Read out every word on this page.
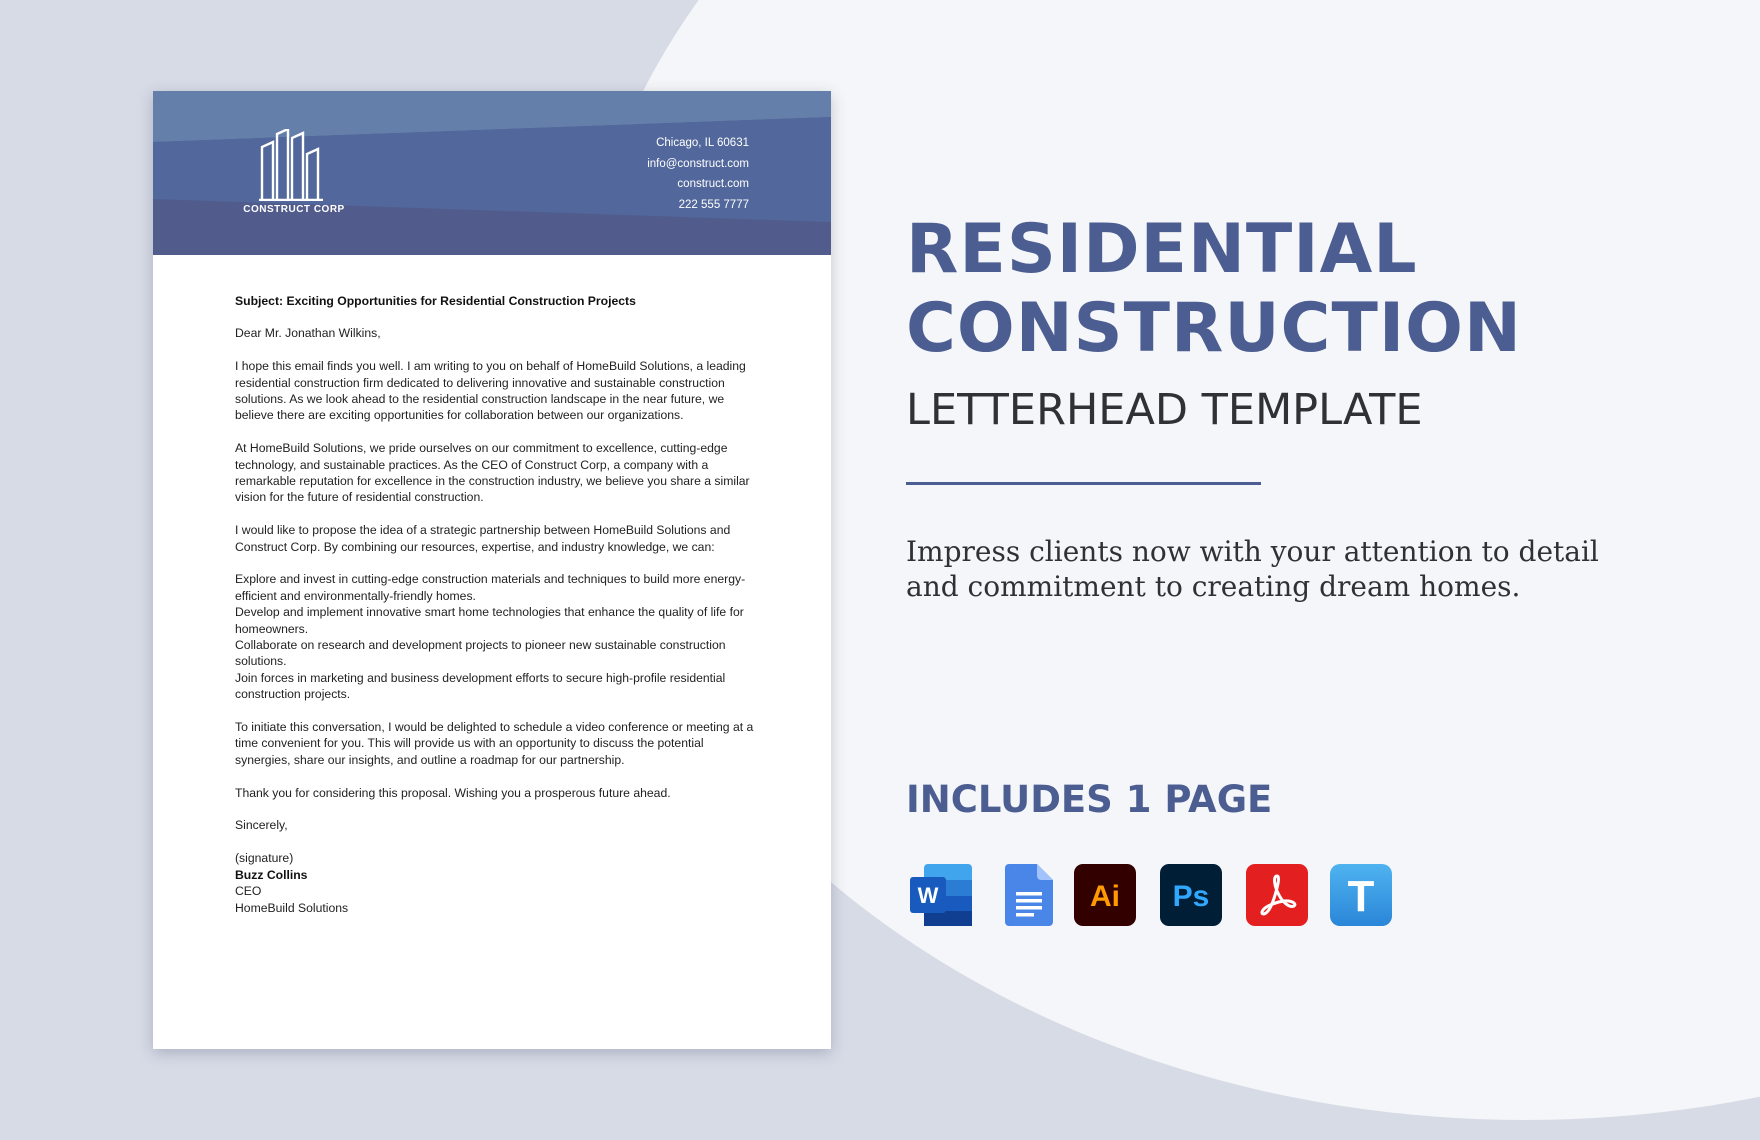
CONSTRUCT CORP
Chicago, IL 60631
info@construct.com
construct.com
222 555 7777
Subject: Exciting Opportunities for Residential Construction Projects

Dear Mr. Jonathan Wilkins,

I hope this email finds you well. I am writing to you on behalf of HomeBuild Solutions, a leading residential construction firm dedicated to delivering innovative and sustainable construction solutions. As we look ahead to the residential construction landscape in the near future, we believe there are exciting opportunities for collaboration between our organizations.

At HomeBuild Solutions, we pride ourselves on our commitment to excellence, cutting-edge technology, and sustainable practices. As the CEO of Construct Corp, a company with a remarkable reputation for excellence in the construction industry, we believe you share a similar vision for the future of residential construction.

I would like to propose the idea of a strategic partnership between HomeBuild Solutions and Construct Corp. By combining our resources, expertise, and industry knowledge, we can:

Explore and invest in cutting-edge construction materials and techniques to build more energy-efficient and environmentally-friendly homes.
Develop and implement innovative smart home technologies that enhance the quality of life for homeowners.
Collaborate on research and development projects to pioneer new sustainable construction solutions.
Join forces in marketing and business development efforts to secure high-profile residential construction projects.

To initiate this conversation, I would be delighted to schedule a video conference or meeting at a time convenient for you. This will provide us with an opportunity to discuss the potential synergies, share our insights, and outline a roadmap for our partnership.

Thank you for considering this proposal. Wishing you a prosperous future ahead.

Sincerely,

(signature)
Buzz Collins
CEO
HomeBuild Solutions
RESIDENTIAL
CONSTRUCTION
LETTERHEAD TEMPLATE
Impress clients now with your attention to detail and commitment to creating dream homes.
INCLUDES 1 PAGE
W	Ai Ps	T
